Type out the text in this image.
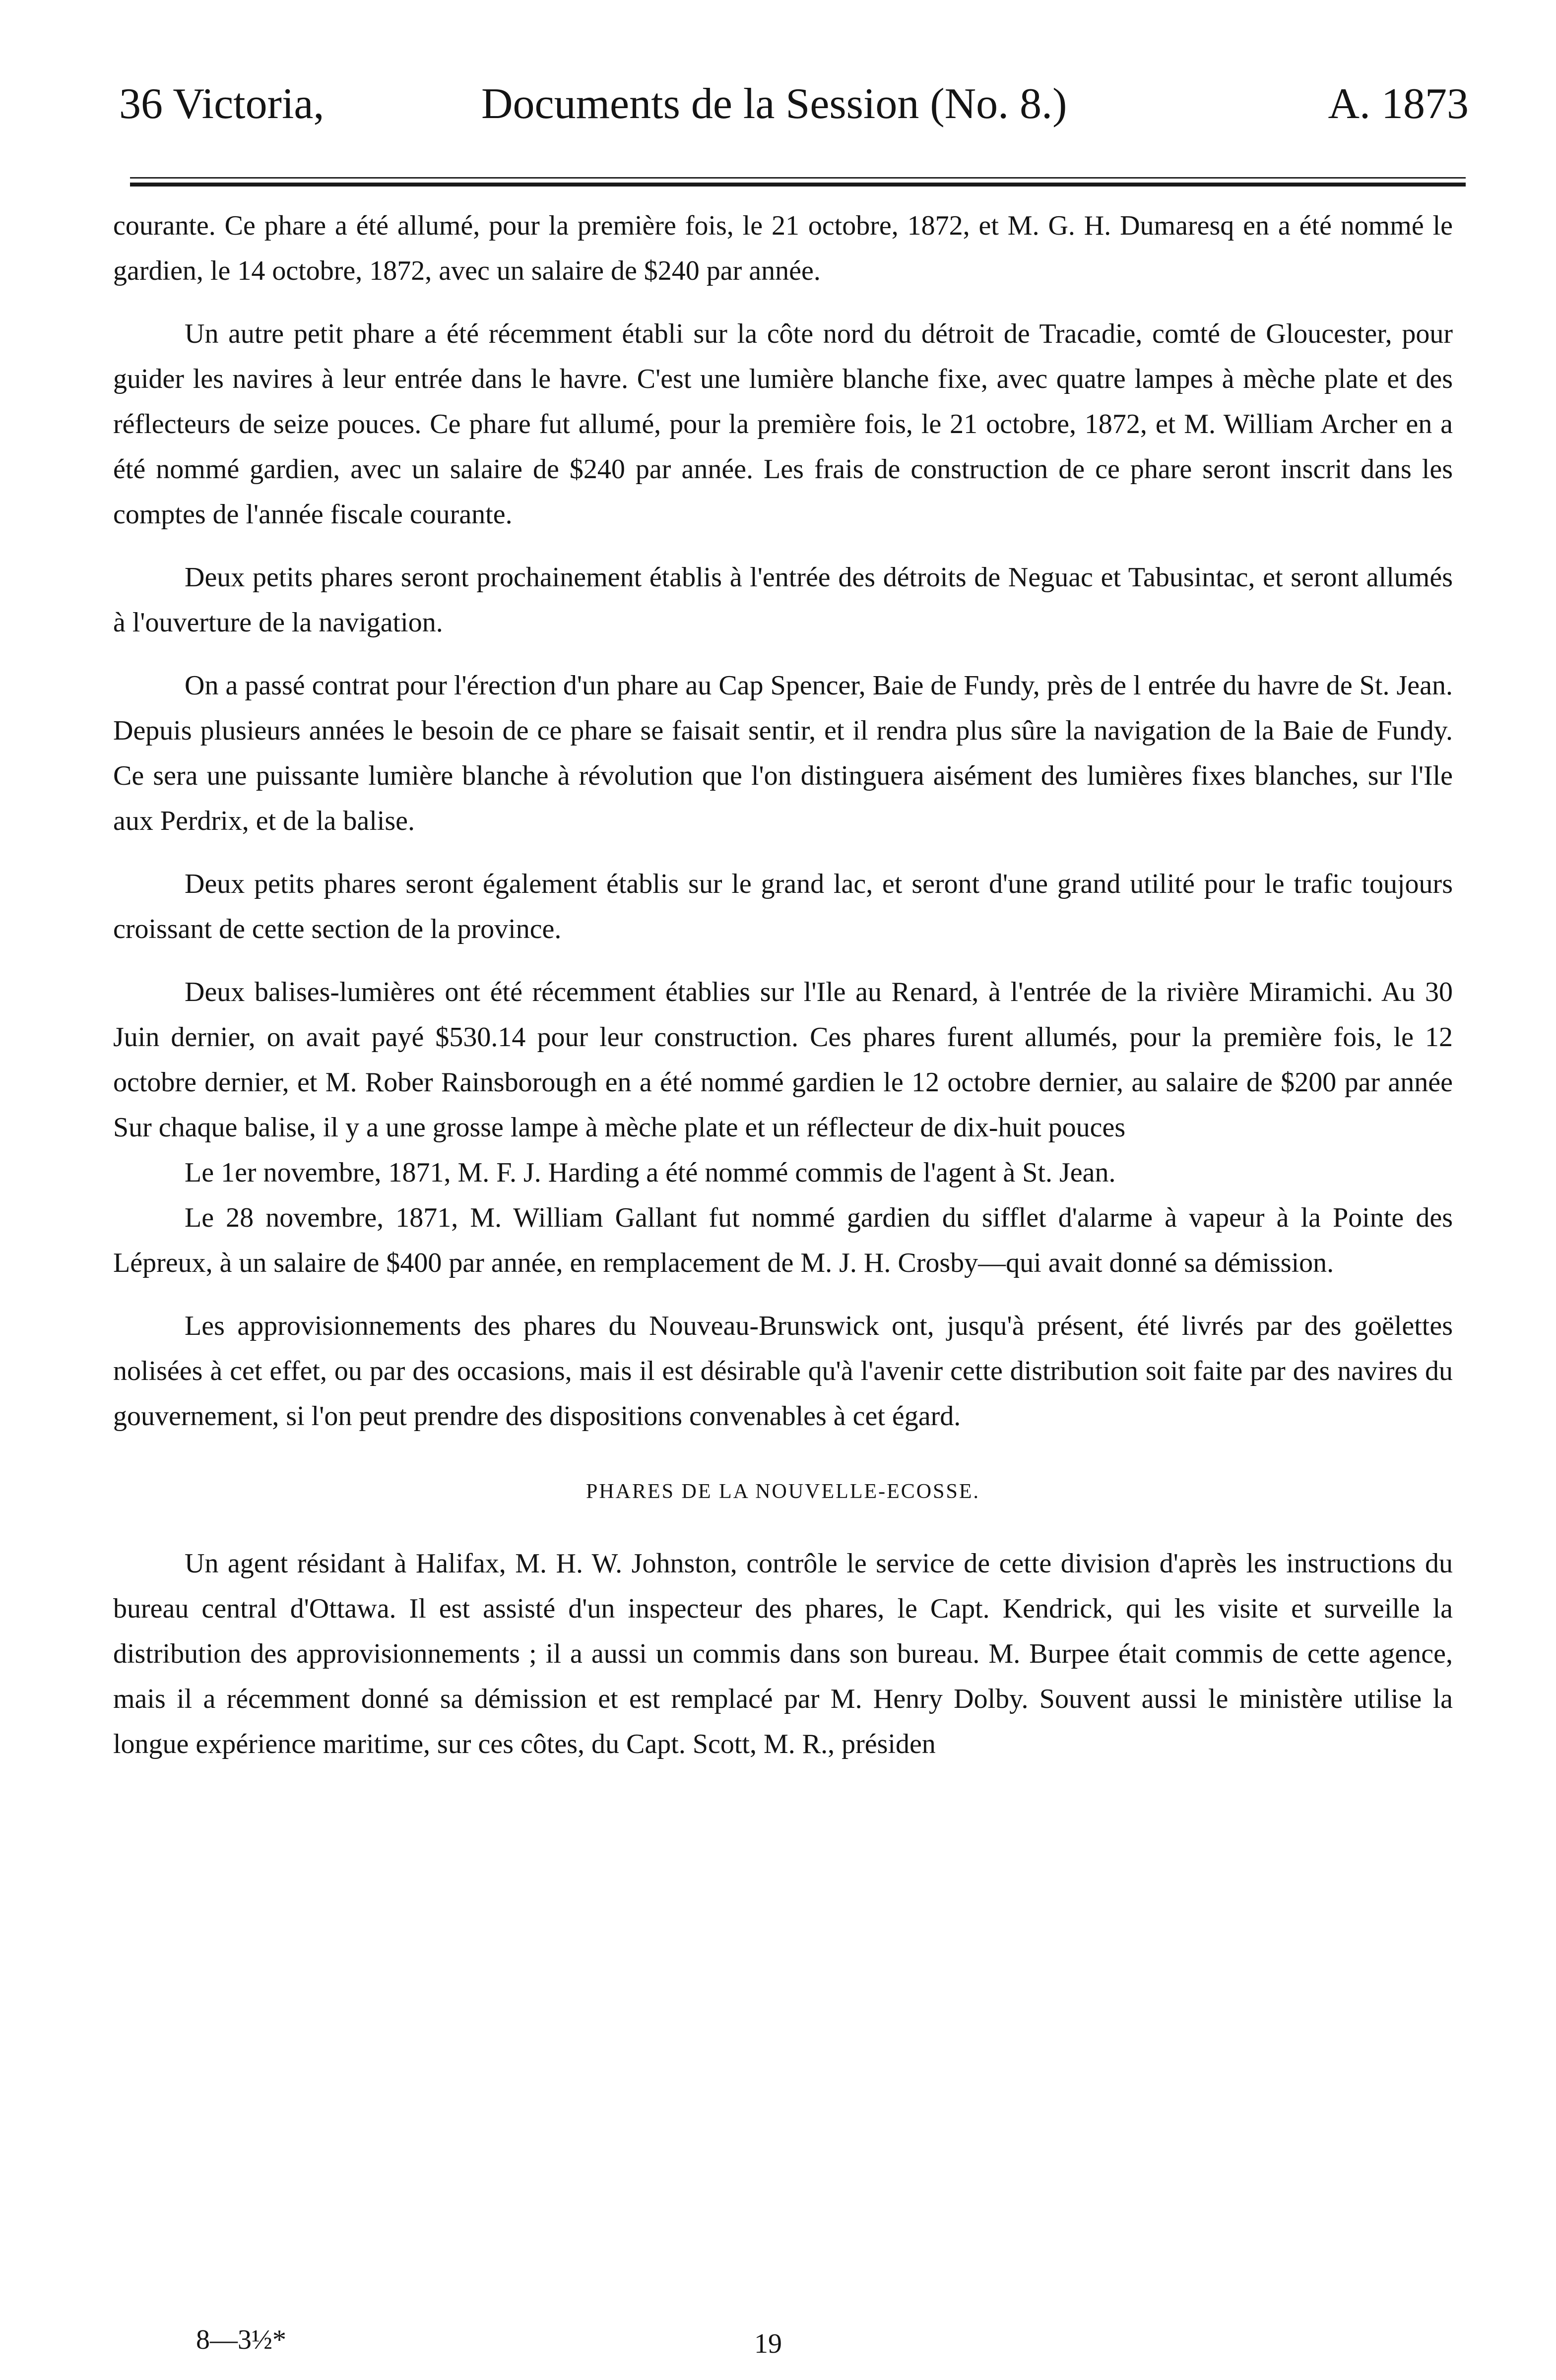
36 Victoria,	Documents de la Session (No. 8.)	A. 1873

courante. Ce phare a été allumé, pour la première fois, le 21 octobre, 1872, et M. G. H. Dumaresq en a été nommé le gardien, le 14 octobre, 1872, avec un salaire de $240 par année.

Un autre petit phare a été récemment établi sur la côte nord du détroit de Tracadie, comté de Gloucester, pour guider les navires à leur entrée dans le havre. C'est une lumière blanche fixe, avec quatre lampes à mèche plate et des réflecteurs de seize pouces. Ce phare fut allumé, pour la première fois, le 21 octobre, 1872, et M. William Archer en a été nommé gardien, avec un salaire de $240 par année. Les frais de construction de ce phare seront inscrit dans les comptes de l'année fiscale courante.

Deux petits phares seront prochainement établis à l'entrée des détroits de Neguac et Tabusintac, et seront allumés à l'ouverture de la navigation.

On a passé contrat pour l'érection d'un phare au Cap Spencer, Baie de Fundy, près de l entrée du havre de St. Jean. Depuis plusieurs années le besoin de ce phare se faisait sentir, et il rendra plus sûre la navigation de la Baie de Fundy. Ce sera une puissante lumière blanche à révolution que l'on distinguera aisément des lumières fixes blanches, sur l'Ile aux Perdrix, et de la balise.

Deux petits phares seront également établis sur le grand lac, et seront d'une grand utilité pour le trafic toujours croissant de cette section de la province.

Deux balises-lumières ont été récemment établies sur l'Ile au Renard, à l'entrée de la rivière Miramichi. Au 30 Juin dernier, on avait payé $530.14 pour leur construction. Ces phares furent allumés, pour la première fois, le 12 octobre dernier, et M. Rober Rainsborough en a été nommé gardien le 12 octobre dernier, au salaire de $200 par année Sur chaque balise, il y a une grosse lampe à mèche plate et un réflecteur de dix-huit pouces

Le 1er novembre, 1871, M. F. J. Harding a été nommé commis de l'agent à St. Jean.

Le 28 novembre, 1871, M. William Gallant fut nommé gardien du sifflet d'alarme à vapeur à la Pointe des Lépreux, à un salaire de $400 par année, en remplacement de M. J. H. Crosby—qui avait donné sa démission.

Les approvisionnements des phares du Nouveau-Brunswick ont, jusqu'à présent, été livrés par des goëlettes nolisées à cet effet, ou par des occasions, mais il est désirable qu'à l'avenir cette distribution soit faite par des navires du gouvernement, si l'on peut prendre des dispositions convenables à cet égard.

PHARES DE LA NOUVELLE-ECOSSE.

Un agent résidant à Halifax, M. H. W. Johnston, contrôle le service de cette division d'après les instructions du bureau central d'Ottawa. Il est assisté d'un inspecteur des phares, le Capt. Kendrick, qui les visite et surveille la distribution des approvisionnements ; il a aussi un commis dans son bureau. M. Burpee était commis de cette agence, mais il a récemment donné sa démission et est remplacé par M. Henry Dolby. Souvent aussi le ministère utilise la longue expérience maritime, sur ces côtes, du Capt. Scott, M. R., présiden

8—3½*	19
